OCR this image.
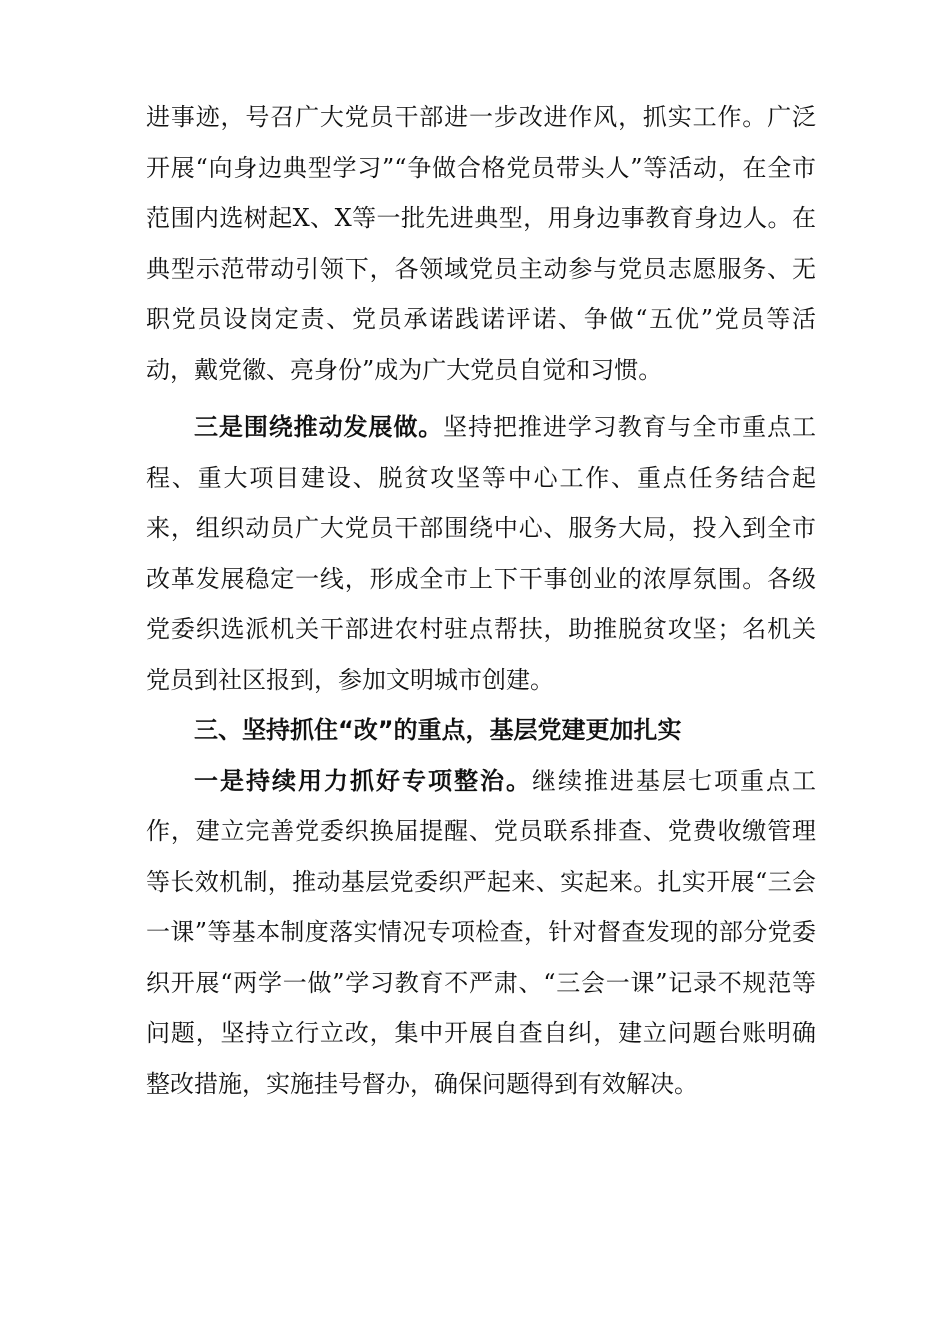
进事迹，号召广大党员干部进一步改进作风，抓实工作。广泛开展“向身边典型学习”“争做合格党员带头人”等活动，在全市范围内选树起X、X等一批先进典型，用身边事教育身边人。在典型示范带动引领下，各领域党员主动参与党员志愿服务、无职党员设岗定责、党员承诺践诺评诺、争做“五优”党员等活动，戴党徽、亮身份”成为广大党员自觉和习惯。

三是围绕推动发展做。坚持把推进学习教育与全市重点工程、重大项目建设、脱贫攻坚等中心工作、重点任务结合起来，组织动员广大党员干部围绕中心、服务大局，投入到全市改革发展稳定一线，形成全市上下干事创业的浓厚氛围。各级党委织选派机关干部进农村驻点帮扶，助推脱贫攻坚；名机关党员到社区报到，参加文明城市创建。

三、坚持抓住“改”的重点，基层党建更加扎实

一是持续用力抓好专项整治。继续推进基层七项重点工作，建立完善党委织换届提醒、党员联系排查、党费收缴管理等长效机制，推动基层党委织严起来、实起来。扎实开展“三会一课”等基本制度落实情况专项检查，针对督查发现的部分党委织开展“两学一做”学习教育不严肃、“三会一课”记录不规范等问题，坚持立行立改，集中开展自查自纠，建立问题台账明确整改措施，实施挂号督办，确保问题得到有效解决。
